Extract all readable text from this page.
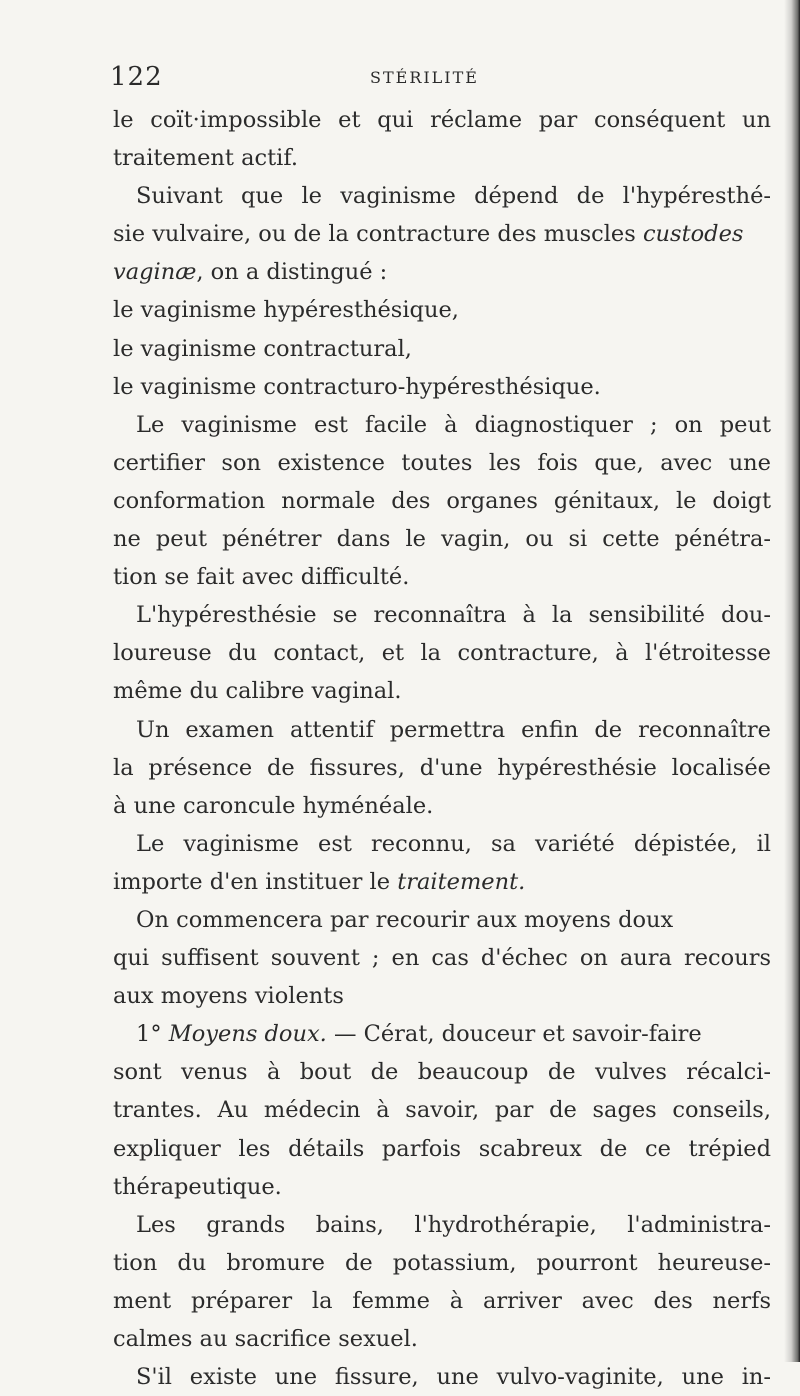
122	STÉRILITÉ
le coït·impossible et qui réclame par conséquent un
traitement actif.
Suivant que le vaginisme dépend de l'hypéresthé-
sie vulvaire, ou de la contracture des muscles custodes
vaginæ, on a distingué :
le vaginisme hypéresthésique,
le vaginisme contractural,
le vaginisme contracturo-hypéresthésique.
Le vaginisme est facile à diagnostiquer ; on peut
certifier son existence toutes les fois que, avec une
conformation normale des organes génitaux, le doigt
ne peut pénétrer dans le vagin, ou si cette pénétra-
tion se fait avec difficulté.
L'hypéresthésie se reconnaîtra à la sensibilité dou-
loureuse du contact, et la contracture, à l'étroitesse
même du calibre vaginal.
Un examen attentif permettra enfin de reconnaître
la présence de fissures, d'une hypéresthésie localisée
à une caroncule hyménéale.
Le vaginisme est reconnu, sa variété dépistée, il
importe d'en instituer le traitement.
On commencera par recourir aux moyens doux
qui suffisent souvent ; en cas d'échec on aura recours
aux moyens violents
1° Moyens doux. — Cérat, douceur et savoir-faire
sont venus à bout de beaucoup de vulves récalci-
trantes. Au médecin à savoir, par de sages conseils,
expliquer les détails parfois scabreux de ce trépied
thérapeutique.
Les grands bains, l'hydrothérapie, l'administra-
tion du bromure de potassium, pourront heureuse-
ment préparer la femme à arriver avec des nerfs
calmes au sacrifice sexuel.
S'il existe une fissure, une vulvo-vaginite, une in-
